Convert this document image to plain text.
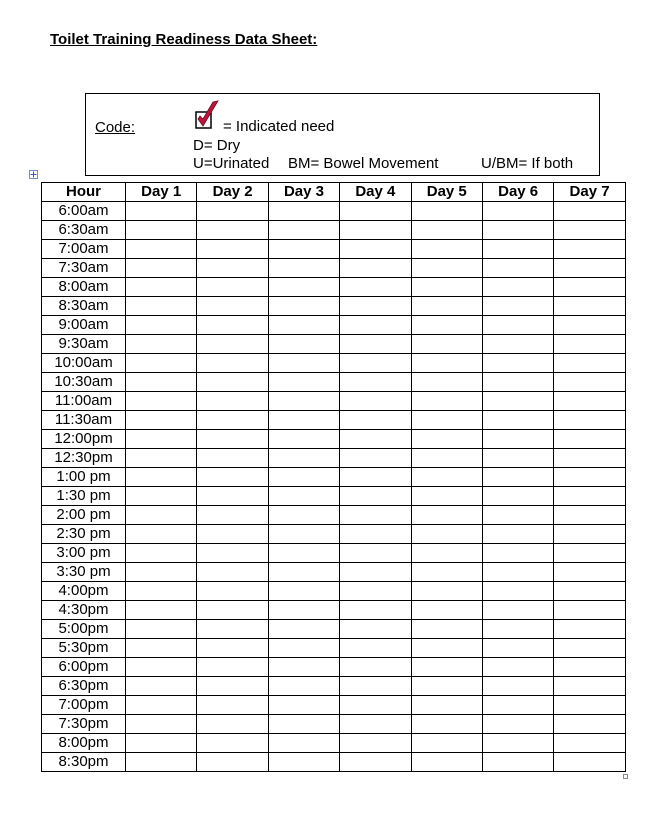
Toilet Training Readiness Data Sheet:
Code:	= Indicated need
D= Dry
U=Urinated BM= Bowel Movement	U/BM= If both
Hour	Day 1	Day 2	Day 3	Day 4	Day 5	Day 6	Day 7
6:00am							
6:30am							
7:00am							
7:30am							
8:00am							
8:30am							
9:00am							
9:30am							
10:00am							
10:30am							
11:00am							
11:30am							
12:00pm							
12:30pm							
1:00 pm							
1:30 pm							
2:00 pm							
2:30 pm							
3:00 pm							
3:30 pm							
4:00pm							
4:30pm							
5:00pm							
5:30pm							
6:00pm							
6:30pm							
7:00pm							
7:30pm							
8:00pm							
8:30pm							
